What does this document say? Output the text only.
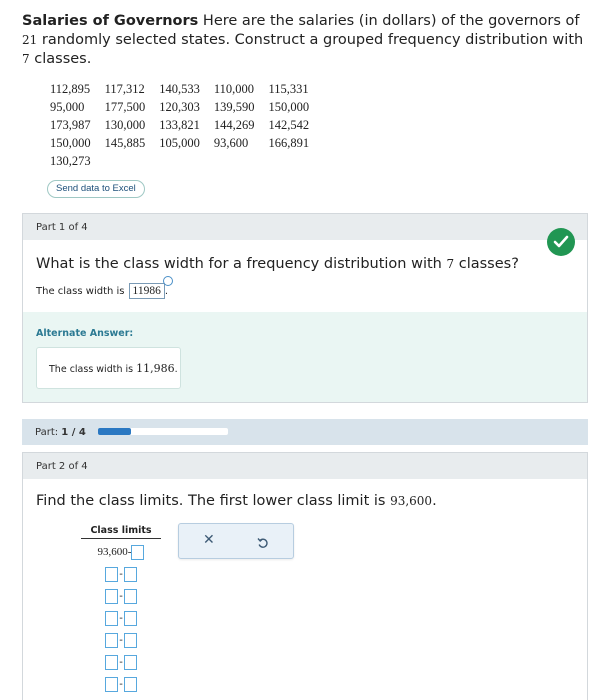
Salaries of Governors Here are the salaries (in dollars) of the governors of 21 randomly selected states. Construct a grouped frequency distribution with 7 classes.
112,895	117,312	140,533	110,000	115,331
95,000	177,500	120,303	139,590	150,000
173,987	130,000	133,821	144,269	142,542
150,000	145,885	105,000	93,600	166,891
130,273				
Send data to Excel
Part 1 of 4
What is the class width for a frequency distribution with 7 classes?
The class width is 11986 .
Alternate Answer:
The class width is 11,986.
Part: 1 / 4
Part 2 of 4
Find the class limits. The first lower class limit is 93,600.
Class limits
93,600-
-
-
-
-
-
-
✕
